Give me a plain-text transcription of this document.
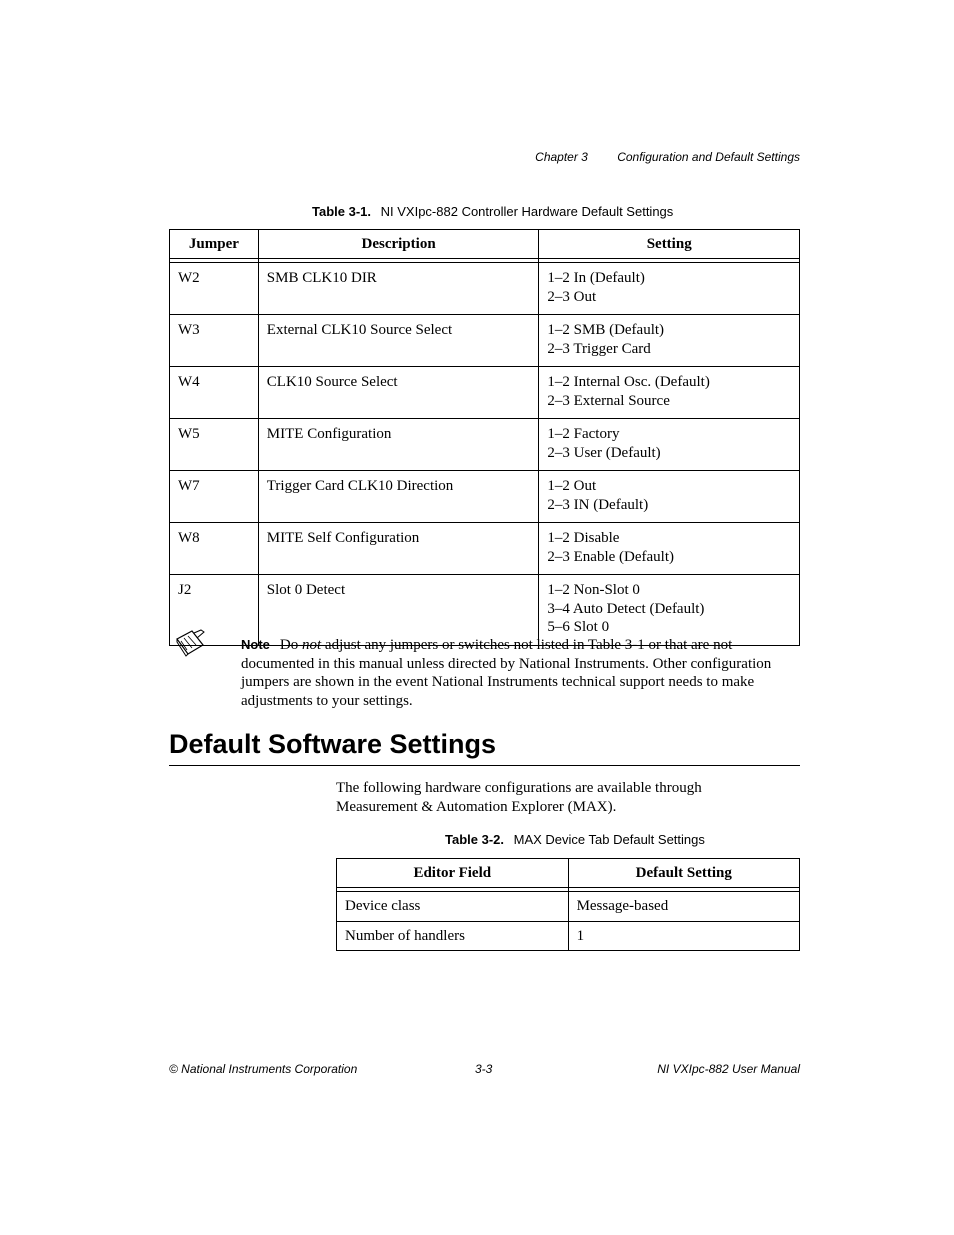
Chapter 3 Configuration and Default Settings
Table 3-1. NI VXIpc-882 Controller Hardware Default Settings
Jumper	Description	Setting

W2	SMB CLK10 DIR	1–2 In (Default)
2–3 Out

W3	External CLK10 Source Select	1–2 SMB (Default)
2–3 Trigger Card

W4	CLK10 Source Select	1–2 Internal Osc. (Default)
2–3 External Source

W5	MITE Configuration	1–2 Factory
2–3 User (Default)

W7	Trigger Card CLK10 Direction	1–2 Out
2–3 IN (Default)

W8	MITE Self Configuration	1–2 Disable
2–3 Enable (Default)

J2	Slot 0 Detect	1–2 Non-Slot 0
3–4 Auto Detect (Default)
5–6 Slot 0
Note Do not adjust any jumpers or switches not listed in Table 3-1 or that are not documented in this manual unless directed by National Instruments. Other configuration jumpers are shown in the event National Instruments technical support needs to make adjustments to your settings.
Default Software Settings
The following hardware configurations are available through Measurement & Automation Explorer (MAX).
Table 3-2. MAX Device Tab Default Settings
Editor Field	Default Setting

Device class	Message-based

Number of handlers	1
© National Instruments Corporation	3-3	NI VXIpc-882 User Manual
